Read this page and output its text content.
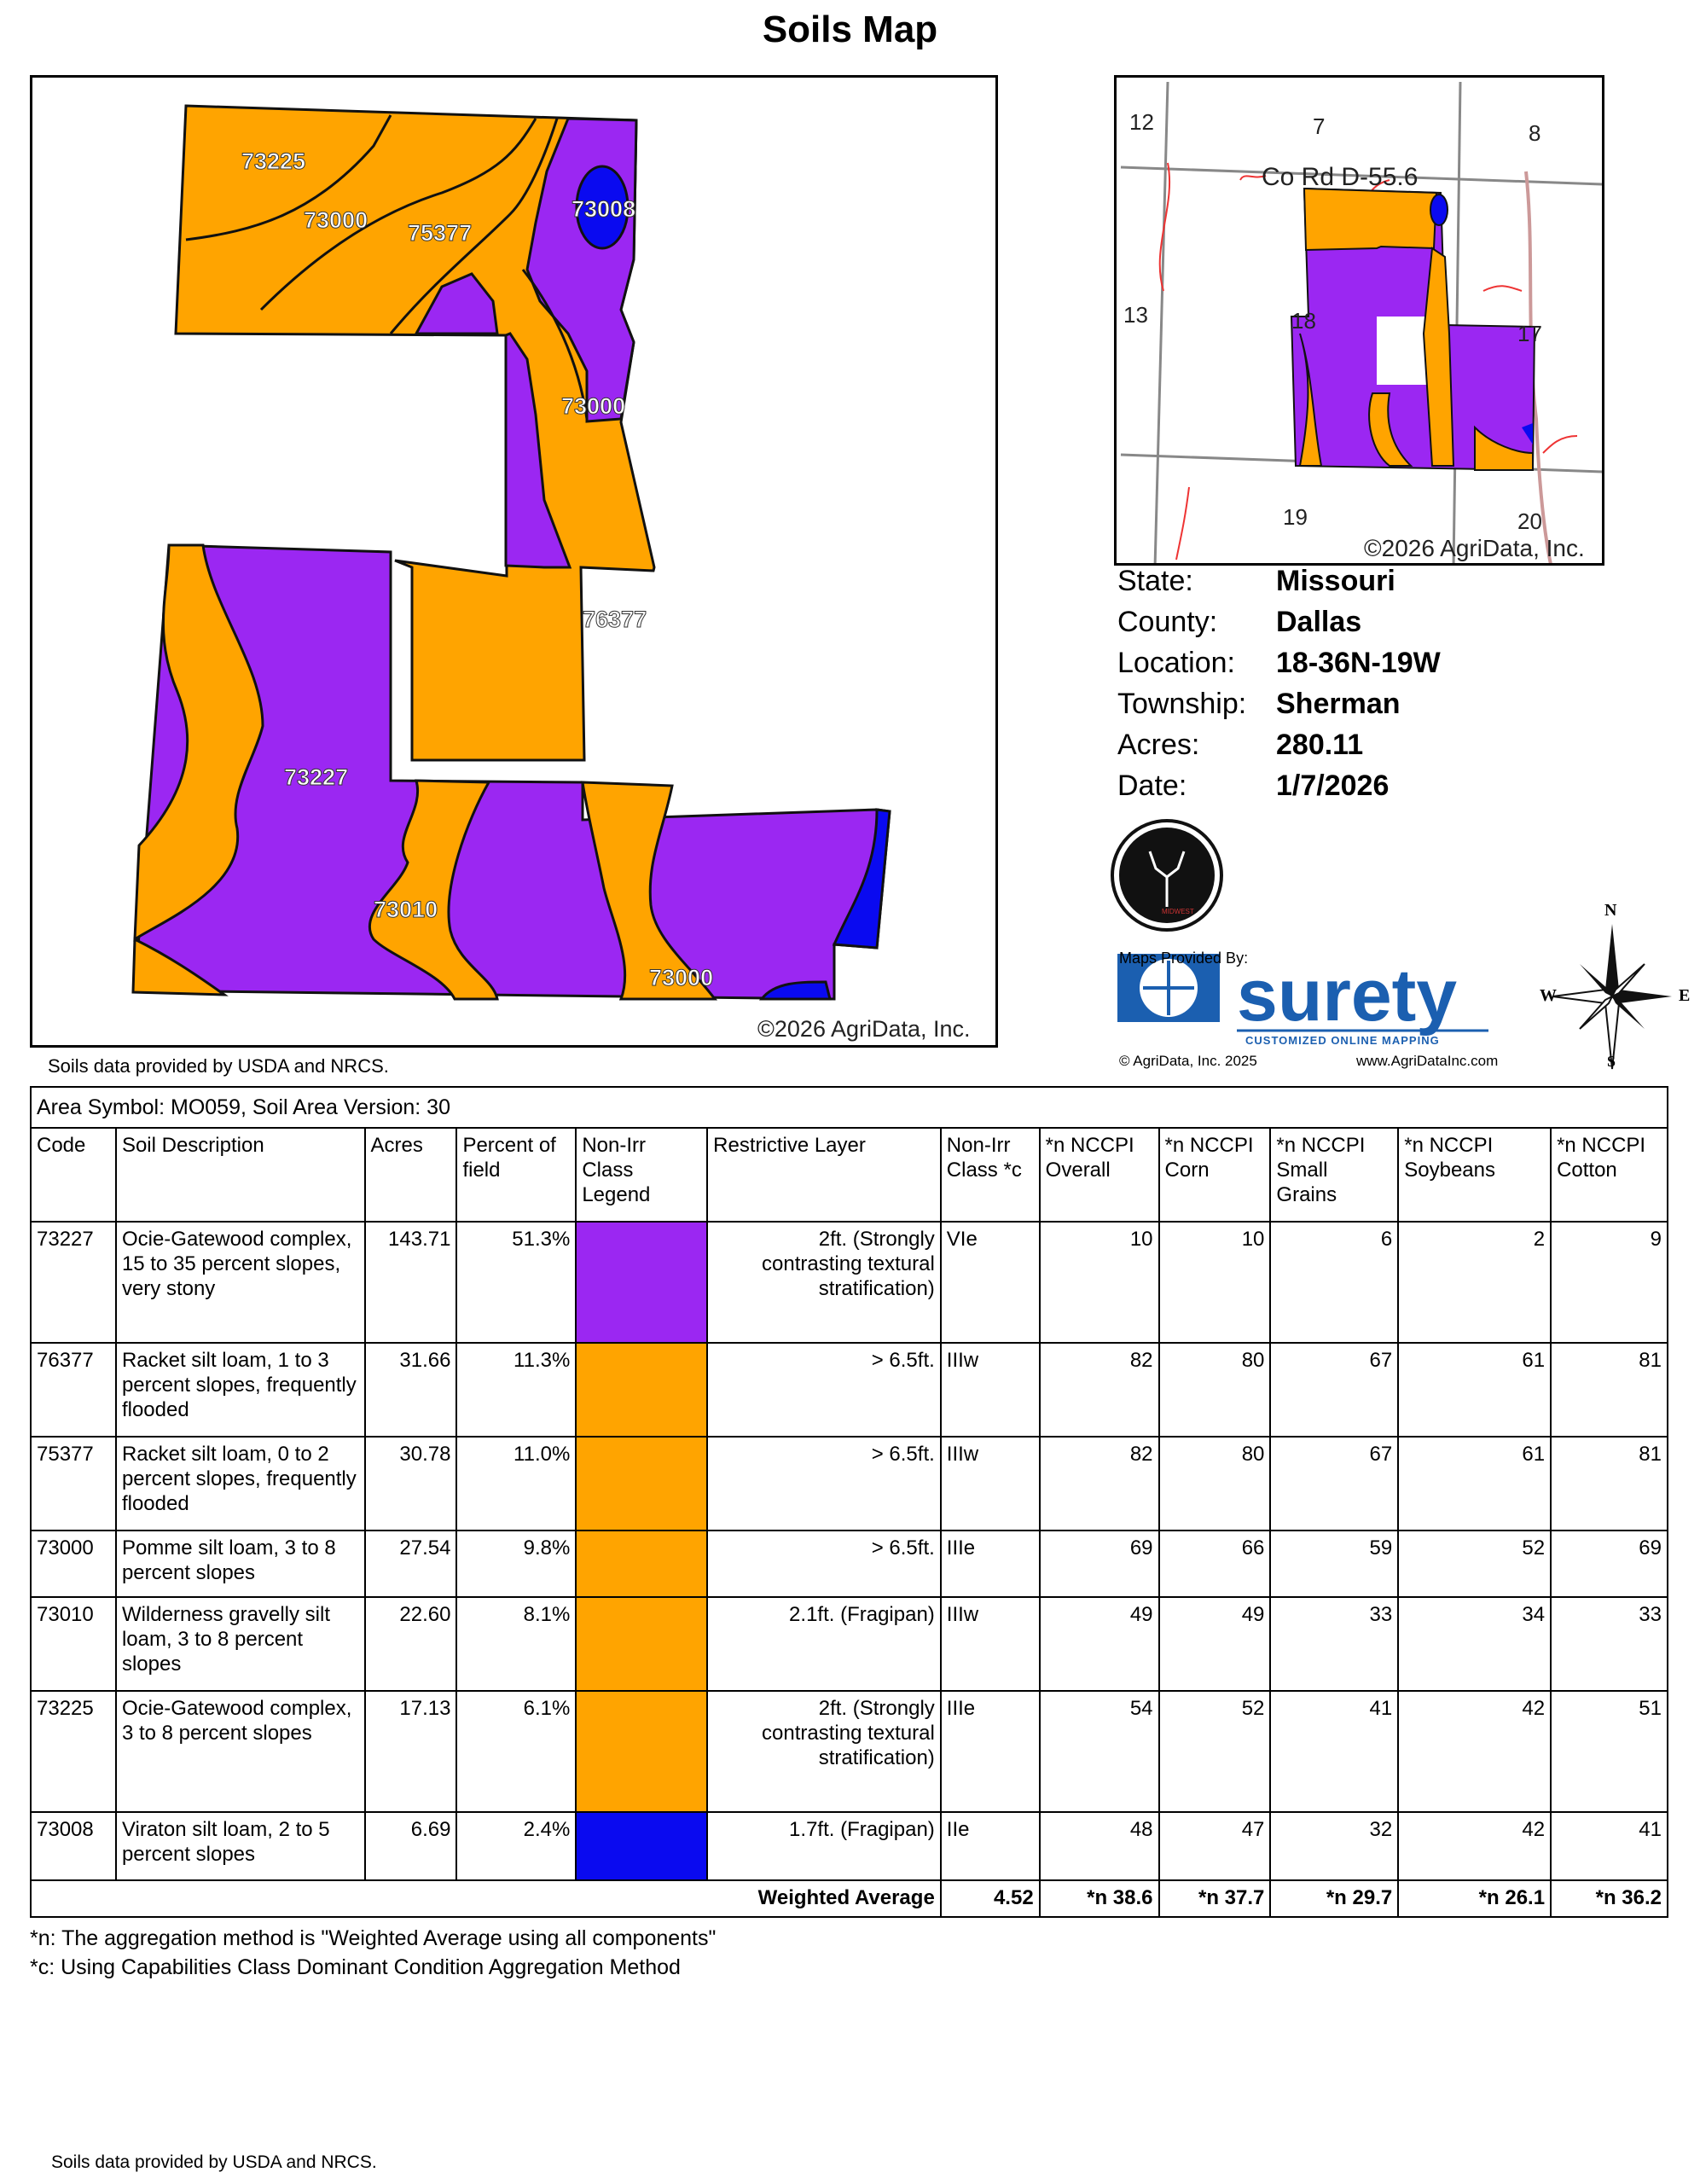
Soils Map
73225
73000 75377
73008
73000
76377
73227
73010
73000
©2026 AgriData, Inc.
Soils data provided by USDA and NRCS.
12	7	8
13	18	17
19	20
Co Rd D-55.6
©2026 AgriData, Inc.
State:	Missouri
County: Dallas
Location: 18-36N-19W
Township: Sherman
Acres:	280.11
Date:	1/7/2026
MIDWEST
Maps Provided By:
surety
CUSTOMIZED ONLINE MAPPING
© AgriData, Inc. 2025	www.AgriDataInc.com
N
S
E
W
Area Symbol: MO059, Soil Area Version: 30											
Code	Soil Description	Acres	Percent of field	Non-Irr Class Legend	Restrictive Layer	Non-Irr Class *c	*n NCCPI Overall	*n NCCPI Corn	*n NCCPI Small Grains	*n NCCPI Soybeans	*n NCCPI Cotton
73227	Ocie-Gatewood complex, 15 to 35 percent slopes, very stony	143.71	51.3%		2ft. (Strongly contrasting textural stratification)	VIe	10	10	6	2	9
76377	Racket silt loam, 1 to 3 percent slopes, frequently flooded	31.66	11.3%		> 6.5ft.	IIIw	82	80	67	61	81
75377	Racket silt loam, 0 to 2 percent slopes, frequently flooded	30.78	11.0%		> 6.5ft.	IIIw	82	80	67	61	81
73000	Pomme silt loam, 3 to 8 percent slopes	27.54	9.8%		> 6.5ft.	IIIe	69	66	59	52	69
73010	Wilderness gravelly silt loam, 3 to 8 percent slopes	22.60	8.1%		2.1ft. (Fragipan)	IIIw	49	49	33	34	33
73225	Ocie-Gatewood complex, 3 to 8 percent slopes	17.13	6.1%		2ft. (Strongly contrasting textural stratification)	IIIe	54	52	41	42	51
73008	Viraton silt loam, 2 to 5 percent slopes	6.69	2.4%		1.7ft. (Fragipan)	IIe	48	47	32	42	41
Weighted Average						4.52	*n 38.6	*n 37.7	*n 29.7	*n 26.1	*n 36.2
*n: The aggregation method is "Weighted Average using all components"
*c: Using Capabilities Class Dominant Condition Aggregation Method
Soils data provided by USDA and NRCS.
